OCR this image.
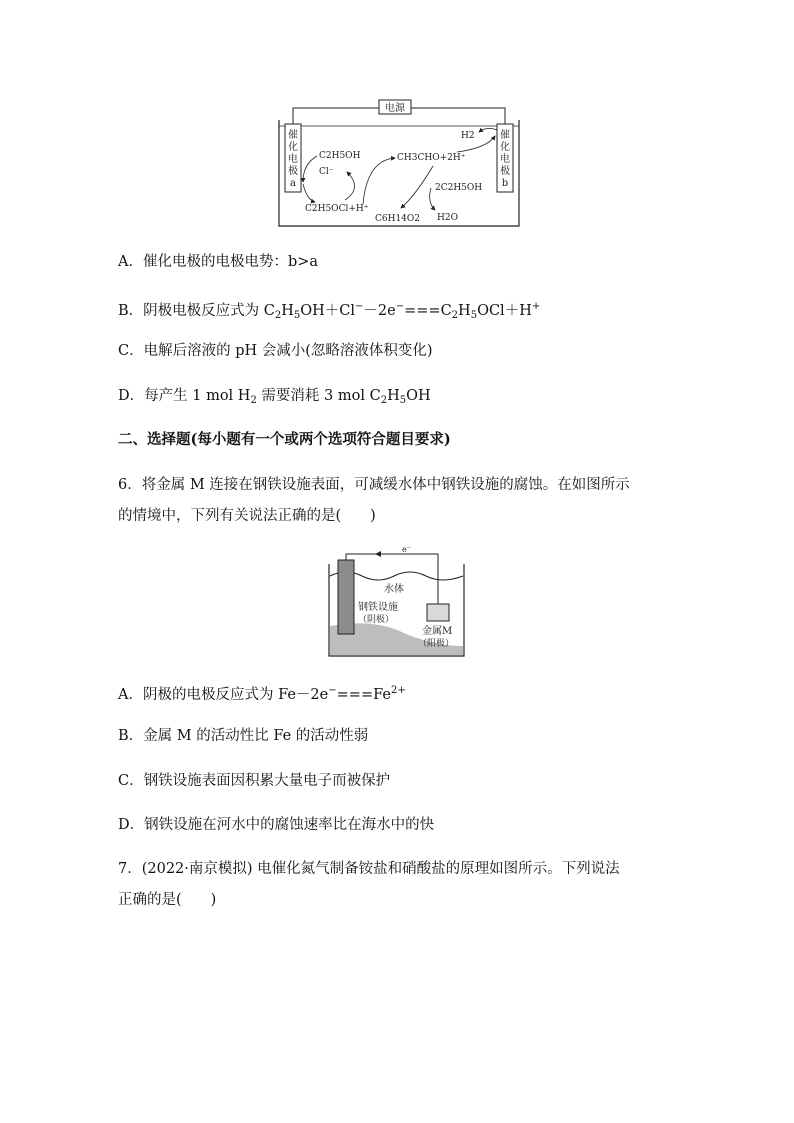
电源
催
化
电
极
a
催
化
电
极
b
C2H5OH
Cl⁻
C2H5OCl+H⁺
CH3CHO+2H⁺
H2
2C2H5OH
C6H14O2 H2O
A．催化电极的电极电势：b>a
B．阴极电极反应式为 $C_2H_5OH+Cl^--2e^-===C_2H_5OCl+H^+$
C．电解后溶液的 pH 会减小(忽略溶液体积变化)
D．每产生 1 mol $H_2$ 需要消耗 3 mol $C_2H_5OH$
二、选择题(每小题有一个或两个选项符合题目要求)
6．将金属 M 连接在钢铁设施表面，可减缓水体中钢铁设施的腐蚀。在如图所示
的情境中，下列有关说法正确的是(　　)
e⁻
水体
钢铁设施
（阴极）
金属M
（阳极）
A．阴极的电极反应式为 $Fe-2e^-===Fe^{2+}$
B．金属 M 的活动性比 Fe 的活动性弱
C．钢铁设施表面因积累大量电子而被保护
D．钢铁设施在河水中的腐蚀速率比在海水中的快
7．(2022·南京模拟) 电催化氮气制备铵盐和硝酸盐的原理如图所示。下列说法
正确的是(　　)
